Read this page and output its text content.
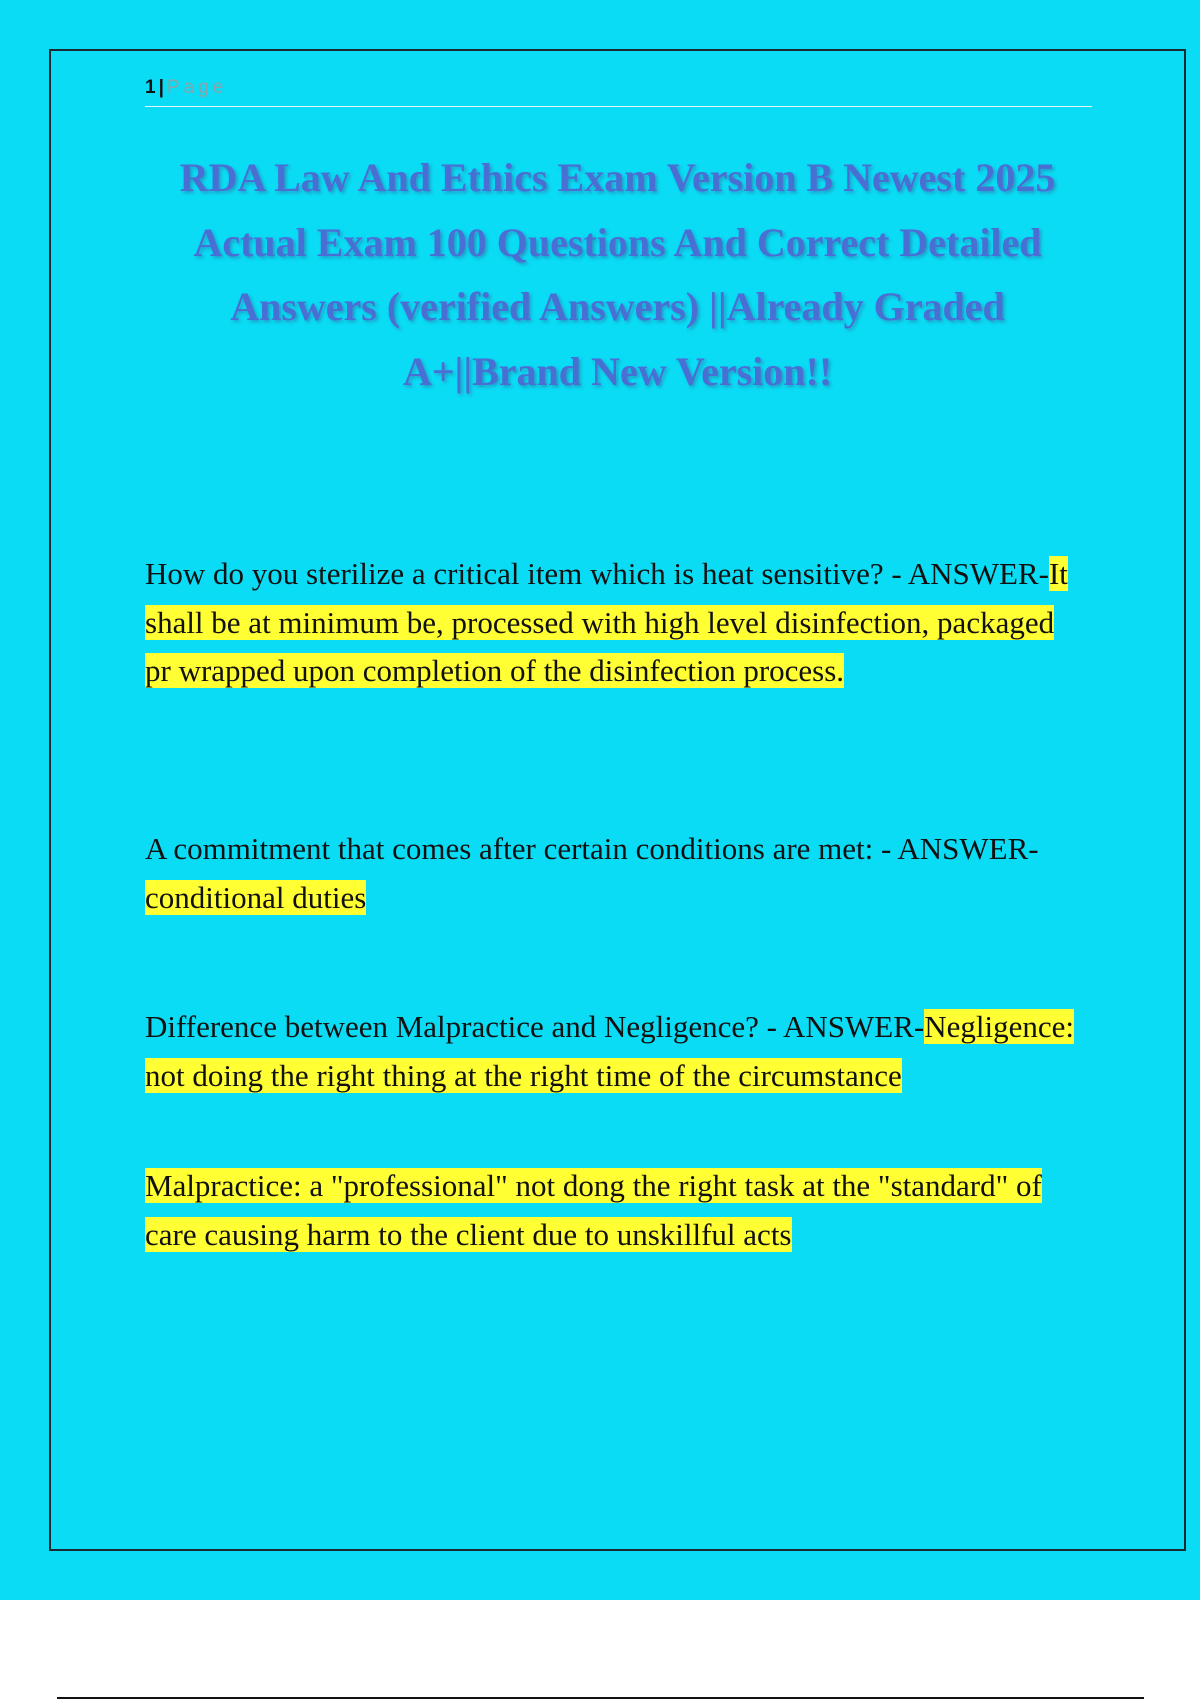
1 | Page
RDA Law And Ethics Exam Version B Newest 2025 Actual Exam 100 Questions And Correct Detailed Answers (verified Answers) ||Already Graded A+||Brand New Version!!

How do you sterilize a critical item which is heat sensitive? - ANSWER-It shall be at minimum be, processed with high level disinfection, packaged pr wrapped upon completion of the disinfection process.

A commitment that comes after certain conditions are met: - ANSWER-conditional duties

Difference between Malpractice and Negligence? - ANSWER-Negligence: not doing the right thing at the right time of the circumstance

Malpractice: a "professional" not dong the right task at the "standard" of care causing harm to the client due to unskillful acts
